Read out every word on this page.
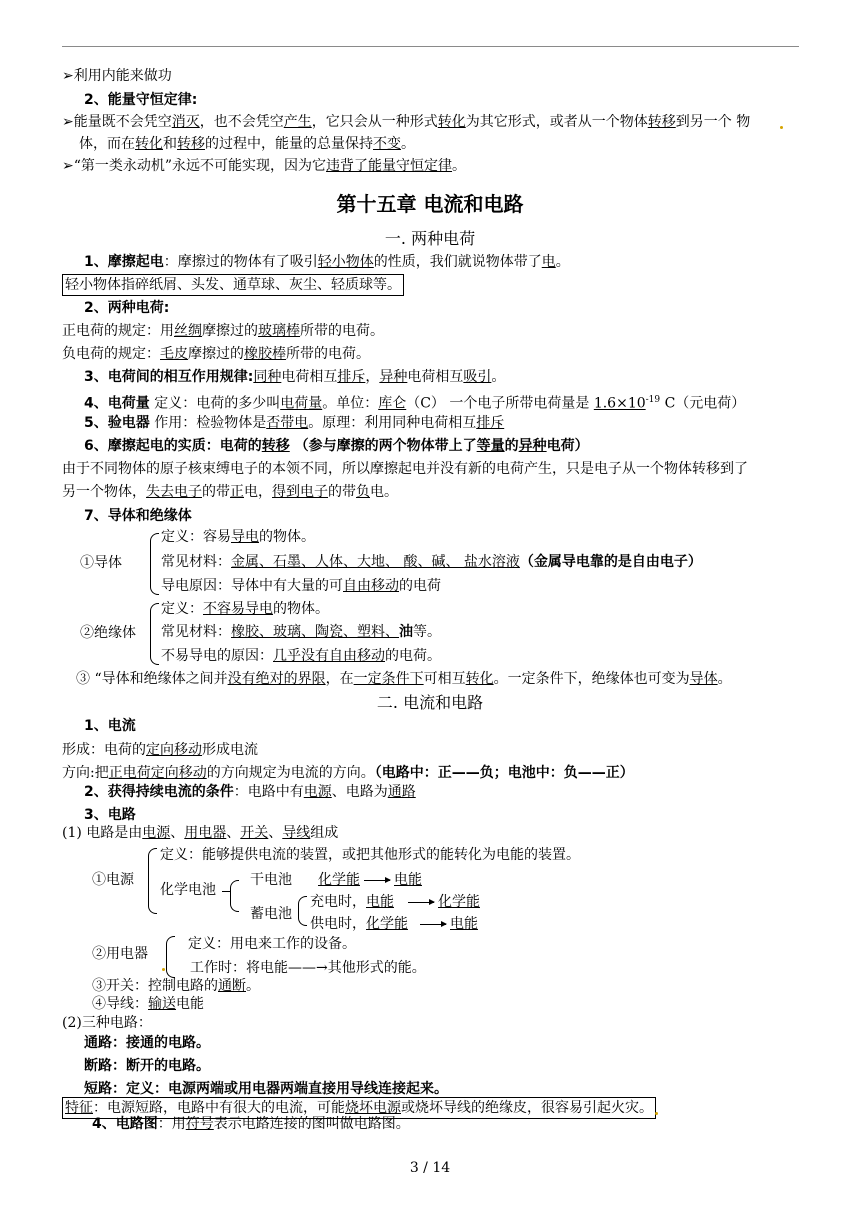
➢利用内能来做功
2、能量守恒定律:
➢能量既不会凭空消灭，也不会凭空产生，它只会从一种形式转化为其它形式，或者从一个物体转移到另一个 物
体，而在转化和转移的过程中，能量的总量保持不变。
➢“第一类永动机”永远不可能实现，因为它违背了能量守恒定律。
第十五章 电流和电路
一. 两种电荷
1、摩擦起电：摩擦过的物体有了吸引轻小物体的性质，我们就说物体带了电。
轻小物体指碎纸屑、头发、通草球、灰尘、轻质球等。
2、两种电荷:
正电荷的规定：用丝绸摩擦过的玻璃棒所带的电荷。
负电荷的规定：毛皮摩擦过的橡胶棒所带的电荷。
3、电荷间的相互作用规律:同种电荷相互排斥，异种电荷相互吸引。
4、电荷量 定义：电荷的多少叫电荷量。单位：库仑（C） 一个电子所带电荷量是 $1.6\times 10^{-19}$ C（元电荷）
5、验电器 作用：检验物体是否带电。原理：利用同种电荷相互排斥
6、摩擦起电的实质：电荷的转移 （参与摩擦的两个物体带上了等量的异种电荷）
由于不同物体的原子核束缚电子的本领不同，所以摩擦起电并没有新的电荷产生，只是电子从一个物体转移到了
另一个物体，失去电子的带正电，得到电子的带负电。
7、导体和绝缘体
①导体
定义：容易导电的物体。
常见材料：金属、石墨、人体、大地、 酸、碱、 盐水溶液（金属导电靠的是自由电子）
导电原因：导体中有大量的可自由移动的电荷
②绝缘体
定义：不容易导电的物体。
常见材料：橡胶、玻璃、陶瓷、塑料、油等。
不易导电的原因：几乎没有自由移动的电荷。
③ “导体和绝缘体之间并没有绝对的界限，在一定条件下可相互转化。一定条件下，绝缘体也可变为导体。
二. 电流和电路
1、电流
形成：电荷的定向移动形成电流
方向:把正电荷定向移动的方向规定为电流的方向。（电路中：正——负；电池中：负——正）
2、获得持续电流的条件：电路中有电源、电路为通路
3、电路
(1) 电路是由电源、用电器、开关、导线组成
①电源
定义：能够提供电流的装置，或把其他形式的能转化为电能的装置。
化学电池
干电池 化学能 电能
蓄电池
充电时，电能	化学能
供电时，化学能	电能
②用电器
定义：用电来工作的设备。
工作时：将电能——→其他形式的能。
③开关：控制电路的通断。
④导线：输送电能
(2)三种电路：
通路：接通的电路。
断路：断开的电路。
短路：定义：电源两端或用电器两端直接用导线连接起来。
特征：电源短路，电路中有很大的电流，可能烧坏电源或烧坏导线的绝缘皮，很容易引起火灾。
4、电路图：用符号表示电路连接的图叫做电路图。
3 / 14
